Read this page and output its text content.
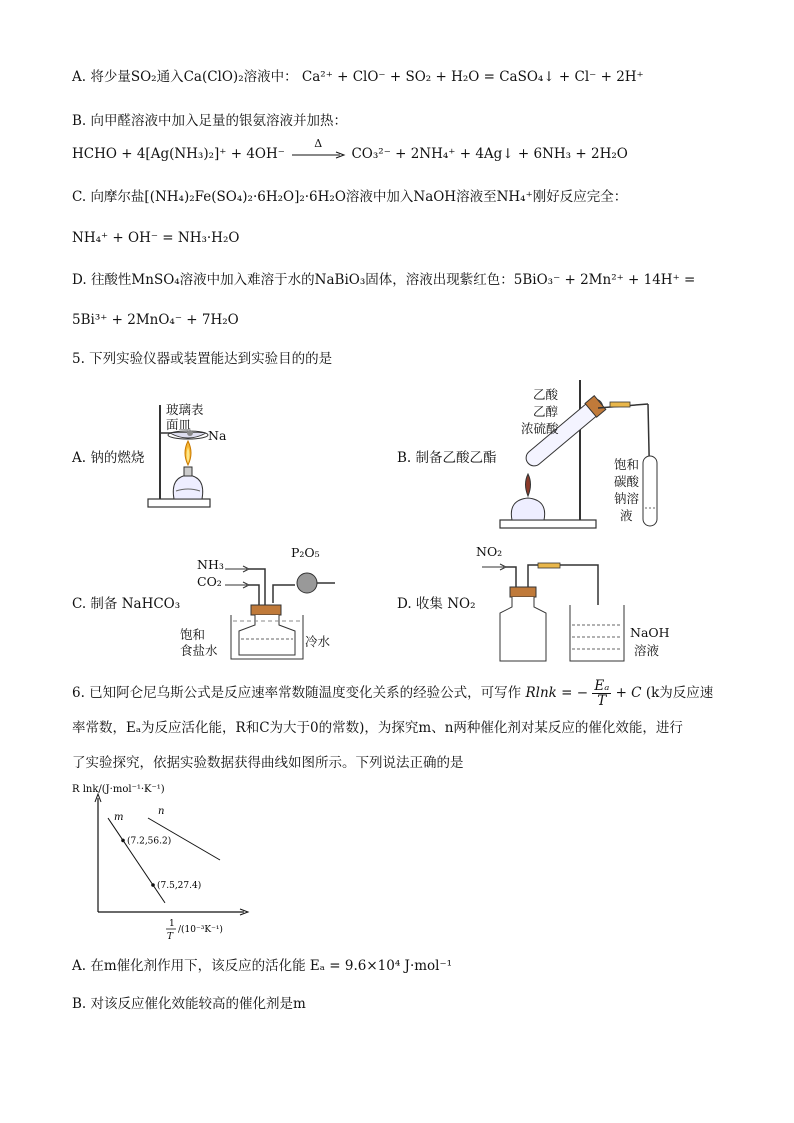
A. 将少量SO₂通入Ca(ClO)₂溶液中： Ca²⁺ + ClO⁻ + SO₂ + H₂O = CaSO₄↓ + Cl⁻ + 2H⁺
B. 向甲醛溶液中加入足量的银氨溶液并加热：
HCHO + 4[Ag(NH₃)₂]⁺ + 4OH⁻
Δ
CO₃²⁻ + 2NH₄⁺ + 4Ag↓ + 6NH₃ + 2H₂O
C. 向摩尔盐[(NH₄)₂Fe(SO₄)₂·6H₂O]₂·6H₂O溶液中加入NaOH溶液至NH₄⁺刚好反应完全：
NH₄⁺ + OH⁻ = NH₃·H₂O
D. 往酸性MnSO₄溶液中加入难溶于水的NaBiO₃固体，溶液出现紫红色：5BiO₃⁻ + 2Mn²⁺ + 14H⁺ =
5Bi³⁺ + 2MnO₄⁻ + 7H₂O
5. 下列实验仪器或装置能达到实验目的的是
A. 钠的燃烧
玻璃表
面皿
Na
B. 制备乙酸乙酯
乙酸
乙醇
浓硫酸
饱和
碳酸
钠溶
液
C. 制备 NaHCO₃
NH₃
CO₂
P₂O₅
饱和
食盐水
冷水
D. 收集 NO₂
NO₂
NaOH
溶液
6. 已知阿仑尼乌斯公式是反应速率常数随温度变化关系的经验公式，可写作 Rlnk = − $\frac{\text{Eₐ}}{T} + C$ (k为反应速
率常数，Eₐ为反应活化能，R和C为大于0的常数)，为探究m、n两种催化剂对某反应的催化效能，进行
了实验探究，依据实验数据获得曲线如图所示。下列说法正确的是
R lnk/(J·mol⁻¹·K⁻¹)
m
(7.2,56.2)
(7.5,27.4)
n
1
T
/(10⁻³K⁻¹)
A. 在m催化剂作用下，该反应的活化能 Eₐ = 9.6×10⁴ J·mol⁻¹
B. 对该反应催化效能较高的催化剂是m
